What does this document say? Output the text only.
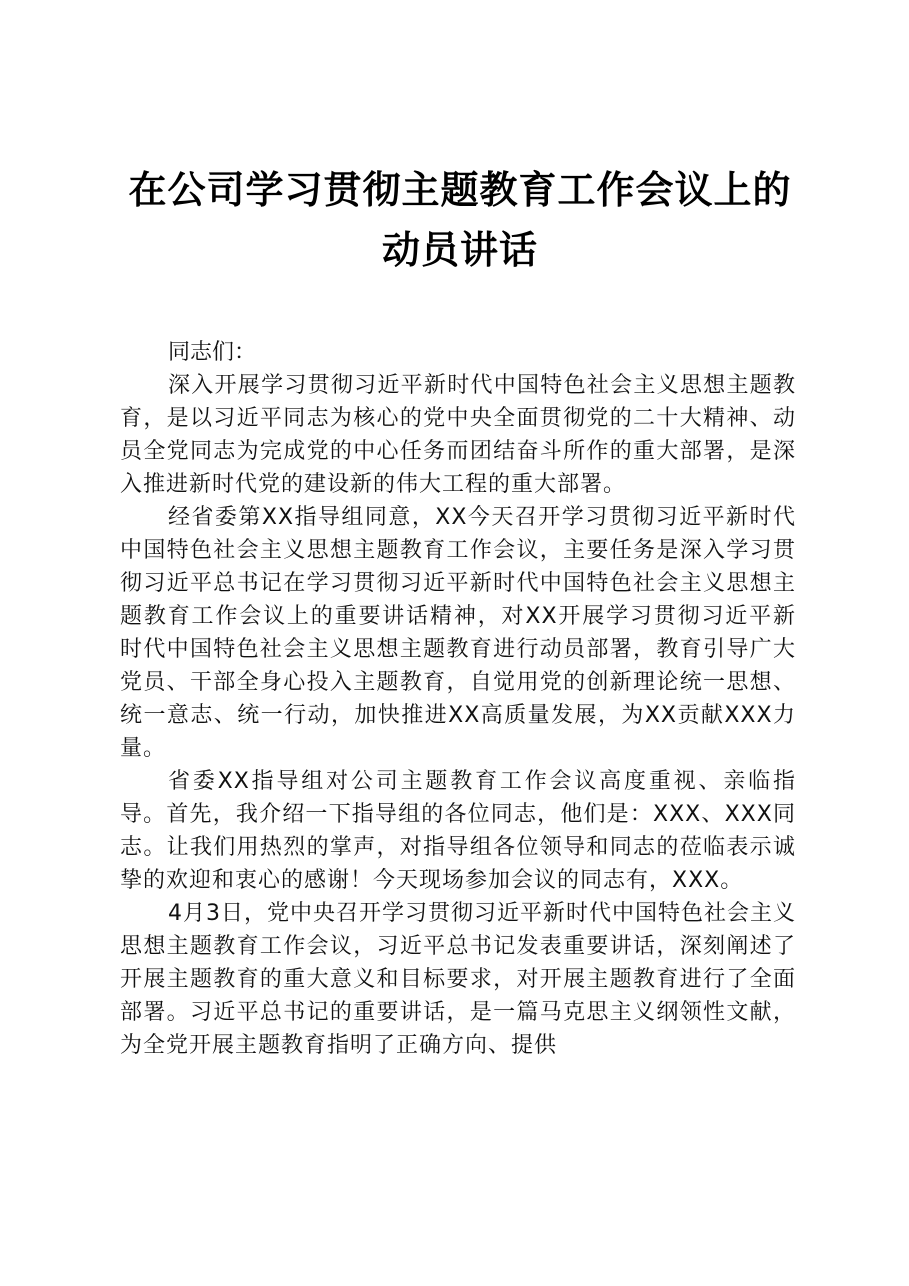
在公司学习贯彻主题教育工作会议上的动员讲话

同志们：

深入开展学习贯彻习近平新时代中国特色社会主义思想主题教育，是以习近平同志为核心的党中央全面贯彻党的二十大精神、动员全党同志为完成党的中心任务而团结奋斗所作的重大部署，是深入推进新时代党的建设新的伟大工程的重大部署。

经省委第XX指导组同意，XX今天召开学习贯彻习近平新时代中国特色社会主义思想主题教育工作会议，主要任务是深入学习贯彻习近平总书记在学习贯彻习近平新时代中国特色社会主义思想主题教育工作会议上的重要讲话精神，对XX开展学习贯彻习近平新时代中国特色社会主义思想主题教育进行动员部署，教育引导广大党员、干部全身心投入主题教育，自觉用党的创新理论统一思想、统一意志、统一行动，加快推进XX高质量发展，为XX贡献XXX力量。

省委XX指导组对公司主题教育工作会议高度重视、亲临指导。首先，我介绍一下指导组的各位同志，他们是：XXX、XXX同志。让我们用热烈的掌声，对指导组各位领导和同志的莅临表示诚挚的欢迎和衷心的感谢！今天现场参加会议的同志有，XXX。

4月3日，党中央召开学习贯彻习近平新时代中国特色社会主义思想主题教育工作会议，习近平总书记发表重要讲话，深刻阐述了开展主题教育的重大意义和目标要求，对开展主题教育进行了全面部署。习近平总书记的重要讲话，是一篇马克思主义纲领性文献，为全党开展主题教育指明了正确方向、提供
